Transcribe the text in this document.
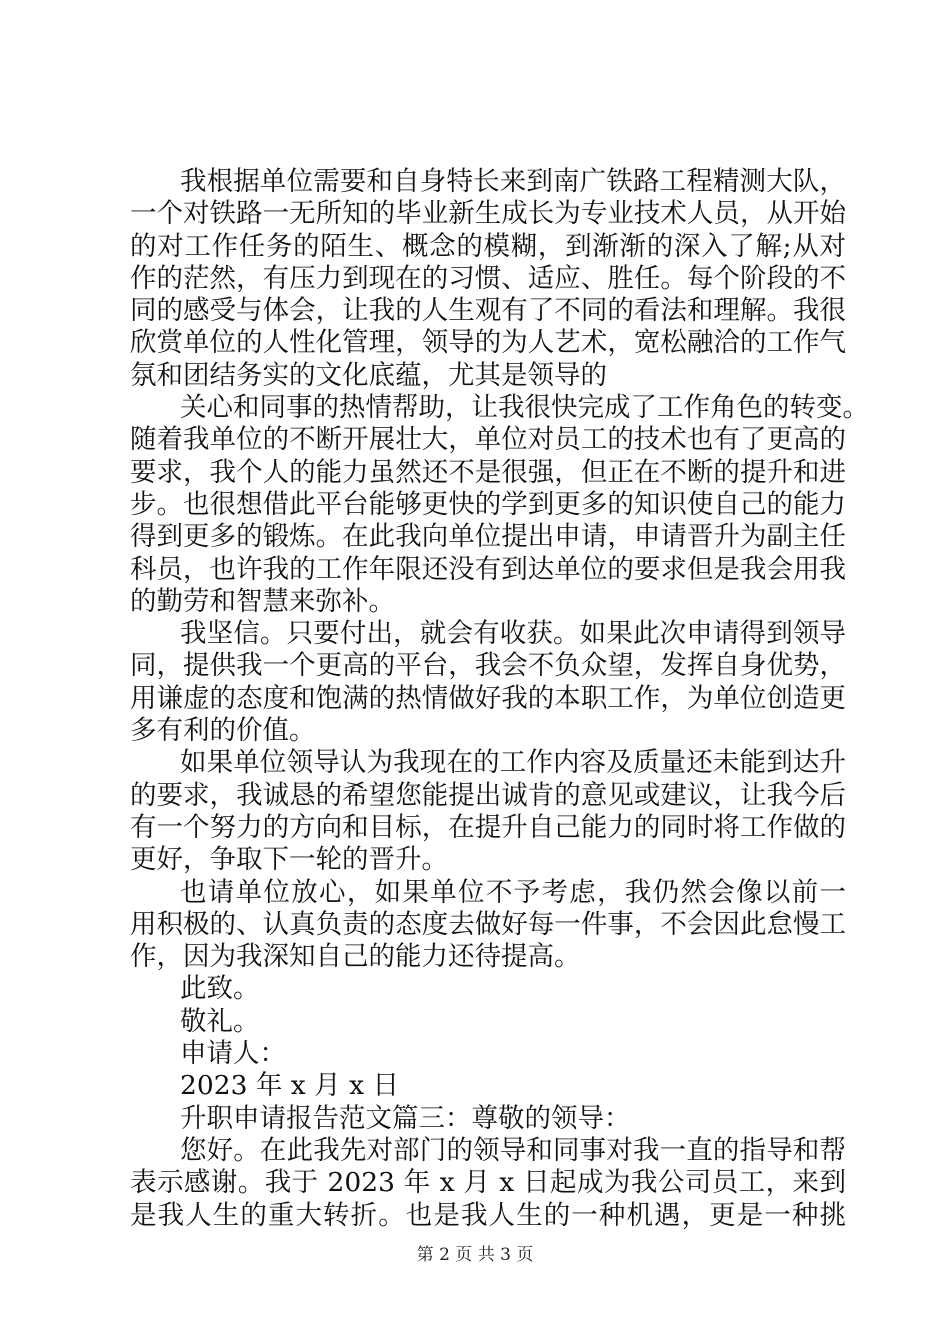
我根据单位需要和自身特长来到南广铁路工程精测大队，
一个对铁路一无所知的毕业新生成长为专业技术人员，从开始
的对工作任务的陌生、概念的模糊，到渐渐的深入了解;从对
作的茫然，有压力到现在的习惯、适应、胜任。每个阶段的不
同的感受与体会，让我的人生观有了不同的看法和理解。我很
欣赏单位的人性化管理，领导的为人艺术，宽松融洽的工作气
氛和团结务实的文化底蕴，尤其是领导的
关心和同事的热情帮助，让我很快完成了工作角色的转变。
随着我单位的不断开展壮大，单位对员工的技术也有了更高的
要求，我个人的能力虽然还不是很强，但正在不断的提升和进
步。也很想借此平台能够更快的学到更多的知识使自己的能力
得到更多的锻炼。在此我向单位提出申请，申请晋升为副主任
科员，也许我的工作年限还没有到达单位的要求但是我会用我
的勤劳和智慧来弥补。
我坚信。只要付出，就会有收获。如果此次申请得到领导
同，提供我一个更高的平台，我会不负众望，发挥自身优势，
用谦虚的态度和饱满的热情做好我的本职工作，为单位创造更
多有利的价值。
如果单位领导认为我现在的工作内容及质量还未能到达升
的要求，我诚恳的希望您能提出诚肯的意见或建议，让我今后
有一个努力的方向和目标，在提升自己能力的同时将工作做的
更好，争取下一轮的晋升。
也请单位放心，如果单位不予考虑，我仍然会像以前一
用积极的、认真负责的态度去做好每一件事，不会因此怠慢工
作，因为我深知自己的能力还待提高。
此致。
敬礼。
申请人：
2023 年 x 月 x 日
升职申请报告范文篇三：尊敬的领导：
您好。在此我先对部门的领导和同事对我一直的指导和帮
表示感谢。我于 2023 年 x 月 x 日起成为我公司员工，来到
是我人生的重大转折。也是我人生的一种机遇，更是一种挑
第 2 页 共 3 页
